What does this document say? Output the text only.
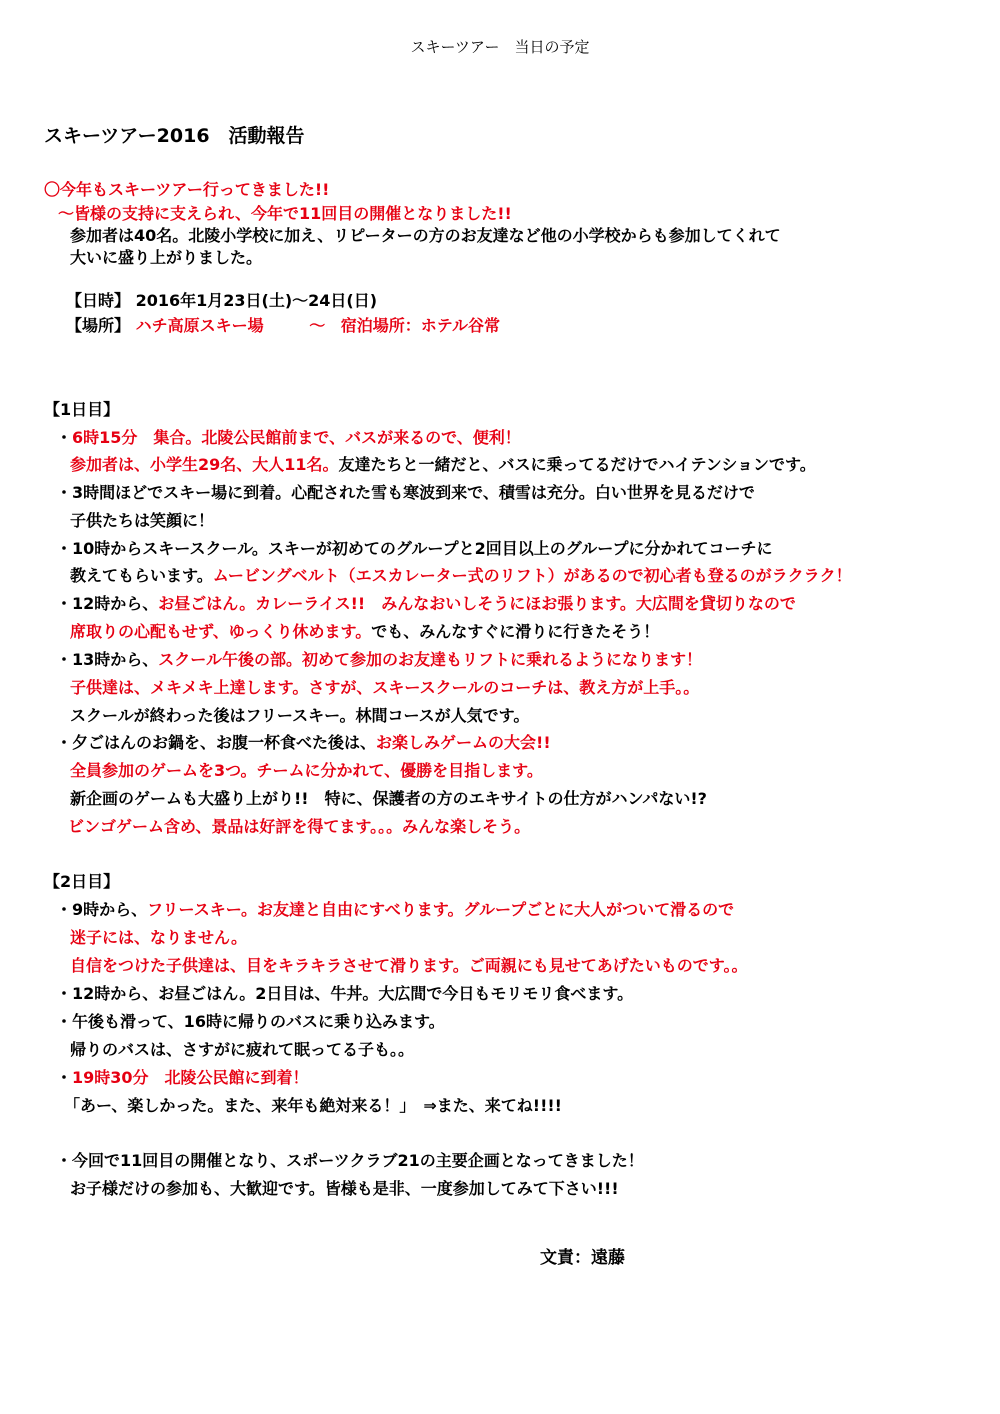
スキーツアー　当日の予定
スキーツアー2016　活動報告
〇今年もスキーツアー行ってきました!!
～皆様の支持に支えられ、今年で11回目の開催となりました!!
参加者は40名。北陵小学校に加え、リピーターの方のお友達など他の小学校からも参加してくれて
大いに盛り上がりました。
【日時】 2016年1月23日(土)～24日(日)
【場所】 ハチ高原スキー場	～ 宿泊場所：ホテル谷常
【1日目】
・6時15分　集合。北陵公民館前まで、バスが来るので、便利！
参加者は、小学生29名、大人11名。友達たちと一緒だと、バスに乗ってるだけでハイテンションです。
・3時間ほどでスキー場に到着。心配された雪も寒波到来で、積雪は充分。白い世界を見るだけで
子供たちは笑顔に！
・10時からスキースクール。スキーが初めてのグループと2回目以上のグループに分かれてコーチに
教えてもらいます。ムービングベルト（エスカレーター式のリフト）があるので初心者も登るのがラクラク！
・12時から、お昼ごはん。カレーライス!!　みんなおいしそうにほお張ります。大広間を貸切りなので
席取りの心配もせず、ゆっくり休めます。でも、みんなすぐに滑りに行きたそう！
・13時から、スクール午後の部。初めて参加のお友達もリフトに乗れるようになります！
子供達は、メキメキ上達します。さすが、スキースクールのコーチは、教え方が上手。。
スクールが終わった後はフリースキー。林間コースが人気です。
・夕ごはんのお鍋を、お腹一杯食べた後は、お楽しみゲームの大会!!
全員参加のゲームを3つ。チームに分かれて、優勝を目指します。
新企画のゲームも大盛り上がり!!　特に、保護者の方のエキサイトの仕方がハンパない!?
ビンゴゲーム含め、景品は好評を得てます。。。みんな楽しそう。
【2日目】
・9時から、フリースキー。お友達と自由にすべります。グループごとに大人がついて滑るので
迷子には、なりません。
自信をつけた子供達は、目をキラキラさせて滑ります。ご両親にも見せてあげたいものです。。
・12時から、お昼ごはん。2日目は、牛丼。大広間で今日もモリモリ食べます。
・午後も滑って、16時に帰りのバスに乗り込みます。
帰りのバスは、さすがに疲れて眠ってる子も。。
・19時30分　北陵公民館に到着！
「あー、楽しかった。また、来年も絶対来る！」　⇒また、来てね!!!!
・今回で11回目の開催となり、スポーツクラブ21の主要企画となってきました！
お子様だけの参加も、大歓迎です。皆様も是非、一度参加してみて下さい!!!
文責：遠藤
